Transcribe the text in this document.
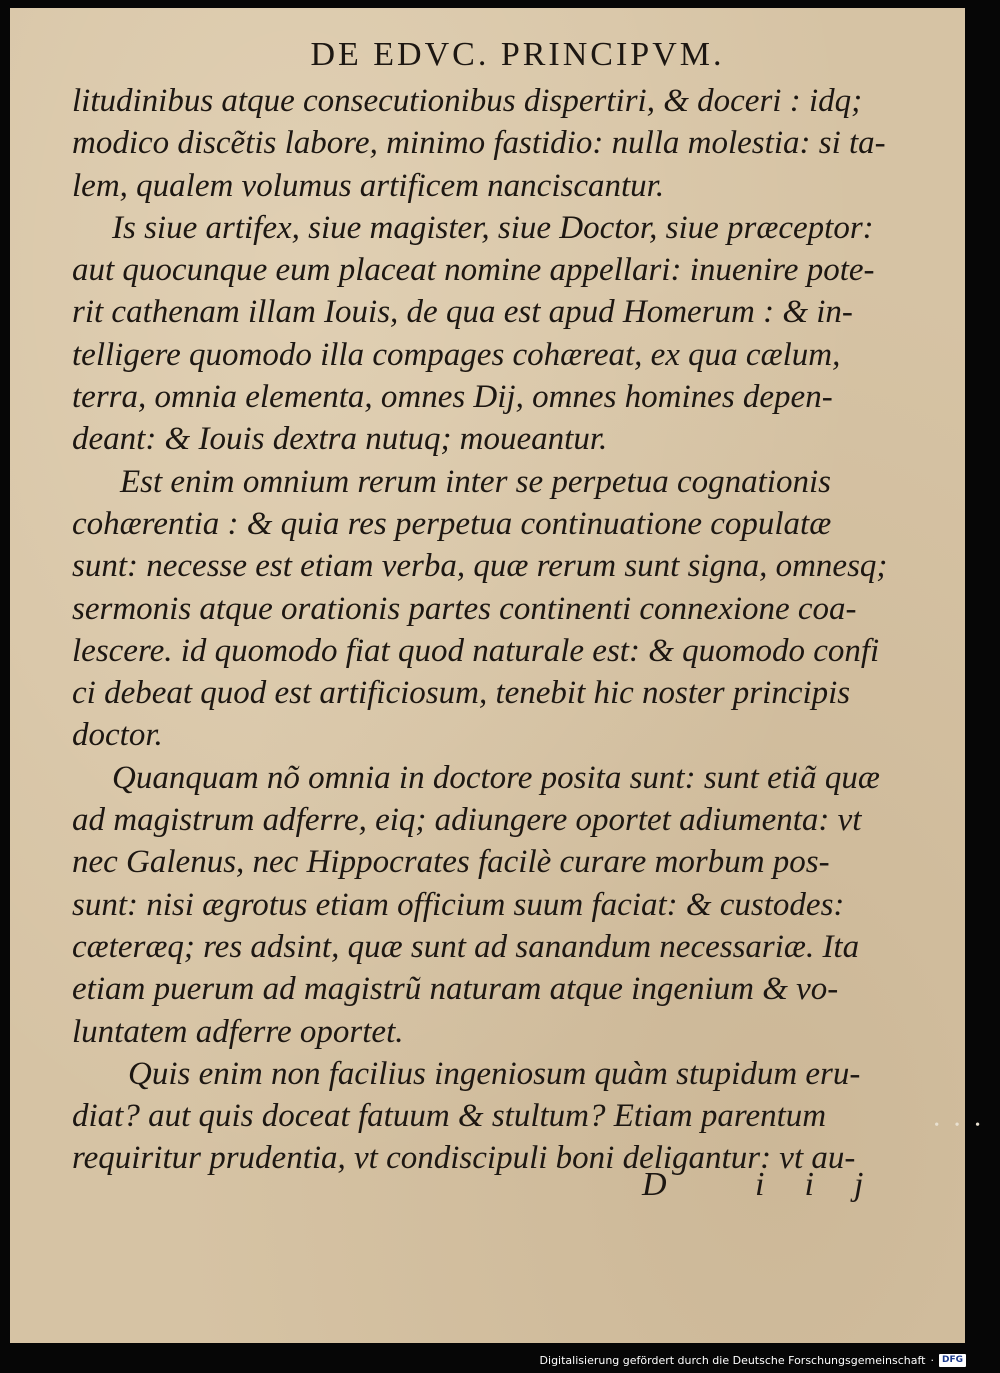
DE EDVC. PRINCIPVM.
litudinibus atque consecutionibus dispertiri, & doceri : idq;
modico discẽtis labore, minimo fastidio: nulla molestia: si ta-
lem, qualem volumus artificem nanciscantur.
Is siue artifex, siue magister, siue Doctor, siue præceptor:
aut quocunque eum placeat nomine appellari: inuenire pote-
rit cathenam illam Iouis, de qua est apud Homerum : & in-
telligere quomodo illa compages cohæreat, ex qua cælum,
terra, omnia elementa, omnes Dij, omnes homines depen-
deant: & Iouis dextra nutuq; moueantur.
Est enim omnium rerum inter se perpetua cognationis
cohærentia : & quia res perpetua continuatione copulatæ
sunt: necesse est etiam verba, quæ rerum sunt signa, omnesq;
sermonis atque orationis partes continenti connexione coa-
lescere. id quomodo fiat quod naturale est: & quomodo confi
ci debeat quod est artificiosum, tenebit hic noster principis
doctor.
Quanquam nõ omnia in doctore posita sunt: sunt etiã quæ
ad magistrum adferre, eiq; adiungere oportet adiumenta: vt
nec Galenus, nec Hippocrates facilè curare morbum pos-
sunt: nisi ægrotus etiam officium suum faciat: & custodes:
cæteræq; res adsint, quæ sunt ad sanandum necessariæ. Ita
etiam puerum ad magistrũ naturam atque ingenium & vo-
luntatem adferre oportet.
Quis enim non facilius ingeniosum quàm stupidum eru-
diat? aut quis doceat fatuum & stultum? Etiam parentum
requiritur prudentia, vt condiscipuli boni deligantur: vt au-
D iij
• • •
Digitalisierung gefördert durch die Deutsche Forschungsgemeinschaft · DFG
